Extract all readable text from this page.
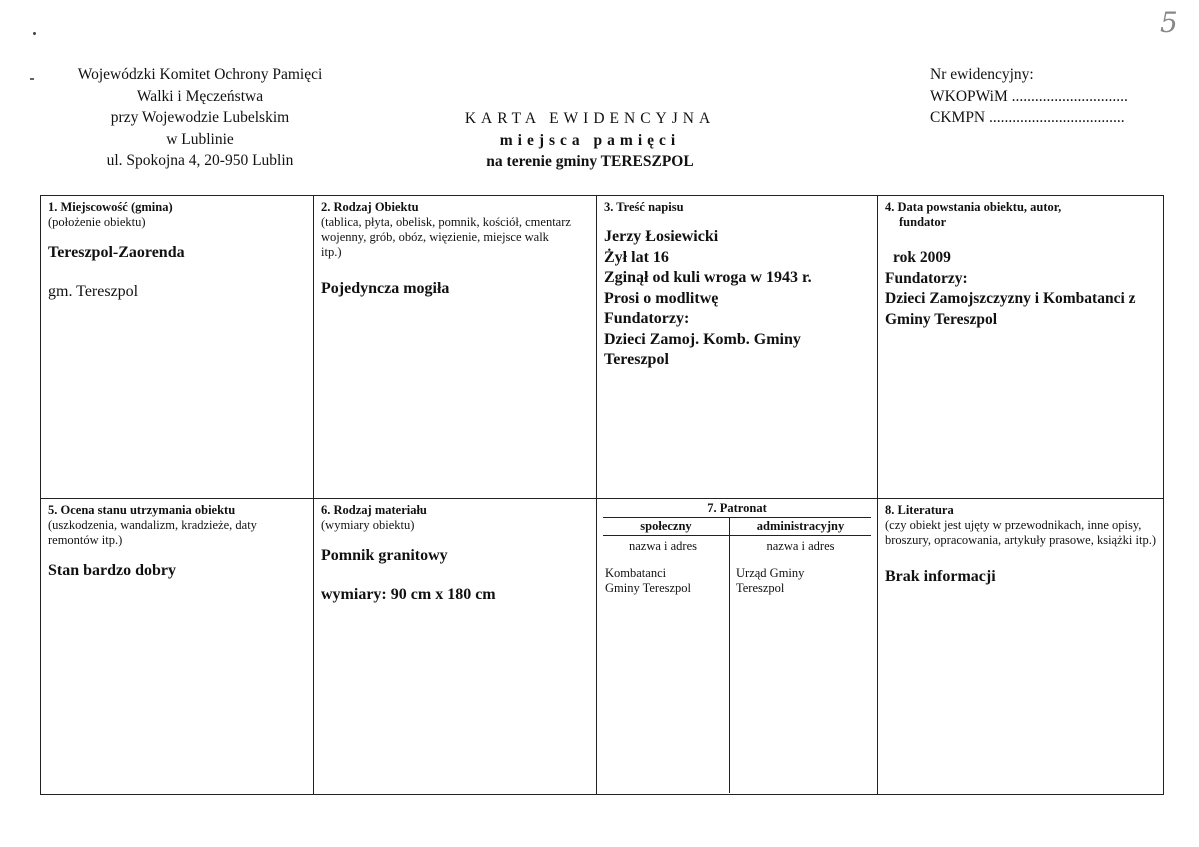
5
Wojewódzki Komitet Ochrony Pamięci
Walki i Męczeństwa
przy Wojewodzie Lubelskim
w Lublinie
ul. Spokojna 4, 20-950 Lublin
KARTA EWIDENCYJNA
miejsca pamięci
na terenie gminy TERESZPOL
Nr ewidencyjny:
WKOPWiM ..............................
CKMPN ...................................
1. Miejscowość (gmina)
(położenie obiektu)
Tereszpol-Zaorenda
gm. Tereszpol
2. Rodzaj Obiektu
(tablica, płyta, obelisk, pomnik, kościół, cmentarz wojenny, grób, obóz, więzienie, miejsce walk itp.)
Pojedyncza mogiła
3. Treść napisu
Jerzy Łosiewicki
Żył lat 16
Zginął od kuli wroga w 1943 r.
Prosi o modlitwę
Fundatorzy:
Dzieci Zamoj. Komb. Gminy
Tereszpol
4. Data powstania obiektu, autor,
fundator
rok 2009
Fundatorzy:
Dzieci Zamojszczyzny i Kombatanci z
Gminy Tereszpol
5. Ocena stanu utrzymania obiektu
(uszkodzenia, wandalizm, kradzieże, daty remontów itp.)
Stan bardzo dobry
6. Rodzaj materiału
(wymiary obiektu)
Pomnik granitowy
wymiary: 90 cm x 180 cm
7. Patronat
społeczny
nazwa i adres
Kombatanci
Gminy Tereszpol
administracyjny
nazwa i adres
Urząd Gminy
Tereszpol
8. Literatura
(czy obiekt jest ujęty w przewodnikach, inne opisy, broszury, opracowania, artykuły prasowe, książki itp.)
Brak informacji
